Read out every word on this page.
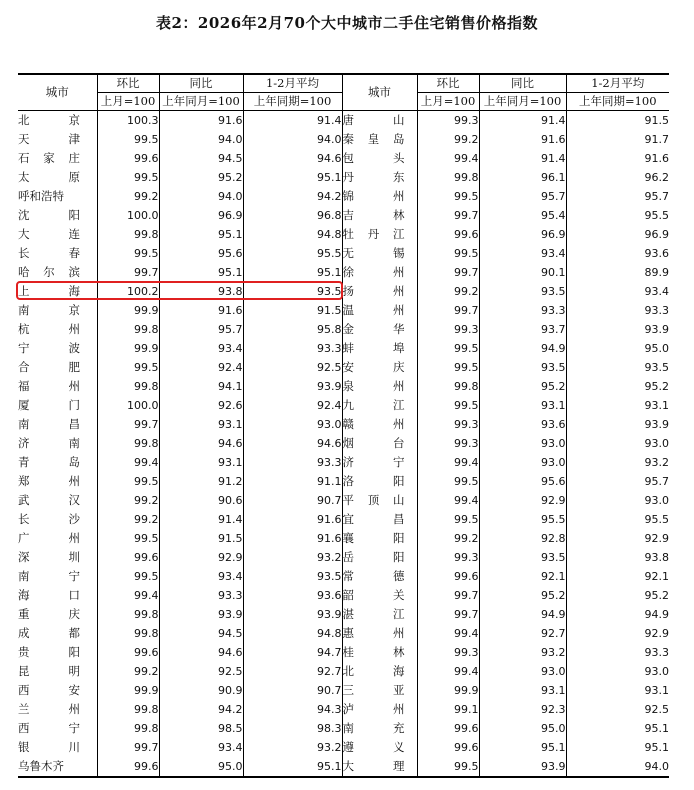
表2：2026年2月70个大中城市二手住宅销售价格指数
城市	环比	同比	1-2月平均	城市	环比	同比	1-2月平均
	上月=100	上年同月=100	上年同期=100		上月=100	上年同月=100	上年同期=100
北京	100.3	91.6	91.4	唐山	99.3	91.4	91.5
天津	99.5	94.0	94.0	秦皇岛	99.2	91.6	91.7
石家庄	99.6	94.5	94.6	包头	99.4	91.4	91.6
太原	99.5	95.2	95.1	丹东	99.8	96.1	96.2
呼和浩特	99.2	94.0	94.2	锦州	99.5	95.7	95.7
沈阳	100.0	96.9	96.8	吉林	99.7	95.4	95.5
大连	99.8	95.1	94.8	牡丹江	99.6	96.9	96.9
长春	99.5	95.6	95.5	无锡	99.5	93.4	93.6
哈尔滨	99.7	95.1	95.1	徐州	99.7	90.1	89.9
上海	100.2	93.8	93.5	扬州	99.2	93.5	93.4
南京	99.9	91.6	91.5	温州	99.7	93.3	93.3
杭州	99.8	95.7	95.8	金华	99.3	93.7	93.9
宁波	99.9	93.4	93.3	蚌埠	99.5	94.9	95.0
合肥	99.5	92.4	92.5	安庆	99.5	93.5	93.5
福州	99.8	94.1	93.9	泉州	99.8	95.2	95.2
厦门	100.0	92.6	92.4	九江	99.5	93.1	93.1
南昌	99.7	93.1	93.0	赣州	99.3	93.6	93.9
济南	99.8	94.6	94.6	烟台	99.3	93.0	93.0
青岛	99.4	93.1	93.3	济宁	99.4	93.0	93.2
郑州	99.5	91.2	91.1	洛阳	99.5	95.6	95.7
武汉	99.2	90.6	90.7	平顶山	99.4	92.9	93.0
长沙	99.2	91.4	91.6	宜昌	99.5	95.5	95.5
广州	99.5	91.5	91.6	襄阳	99.2	92.8	92.9
深圳	99.6	92.9	93.2	岳阳	99.3	93.5	93.8
南宁	99.5	93.4	93.5	常德	99.6	92.1	92.1
海口	99.4	93.3	93.6	韶关	99.7	95.2	95.2
重庆	99.8	93.9	93.9	湛江	99.7	94.9	94.9
成都	99.8	94.5	94.8	惠州	99.4	92.7	92.9
贵阳	99.6	94.6	94.7	桂林	99.3	93.2	93.3
昆明	99.2	92.5	92.7	北海	99.4	93.0	93.0
西安	99.9	90.9	90.7	三亚	99.9	93.1	93.1
兰州	99.8	94.2	94.3	泸州	99.1	92.3	92.5
西宁	99.8	98.5	98.3	南充	99.6	95.0	95.1
银川	99.7	93.4	93.2	遵义	99.6	95.1	95.1
乌鲁木齐	99.6	95.0	95.1	大理	99.5	93.9	94.0
